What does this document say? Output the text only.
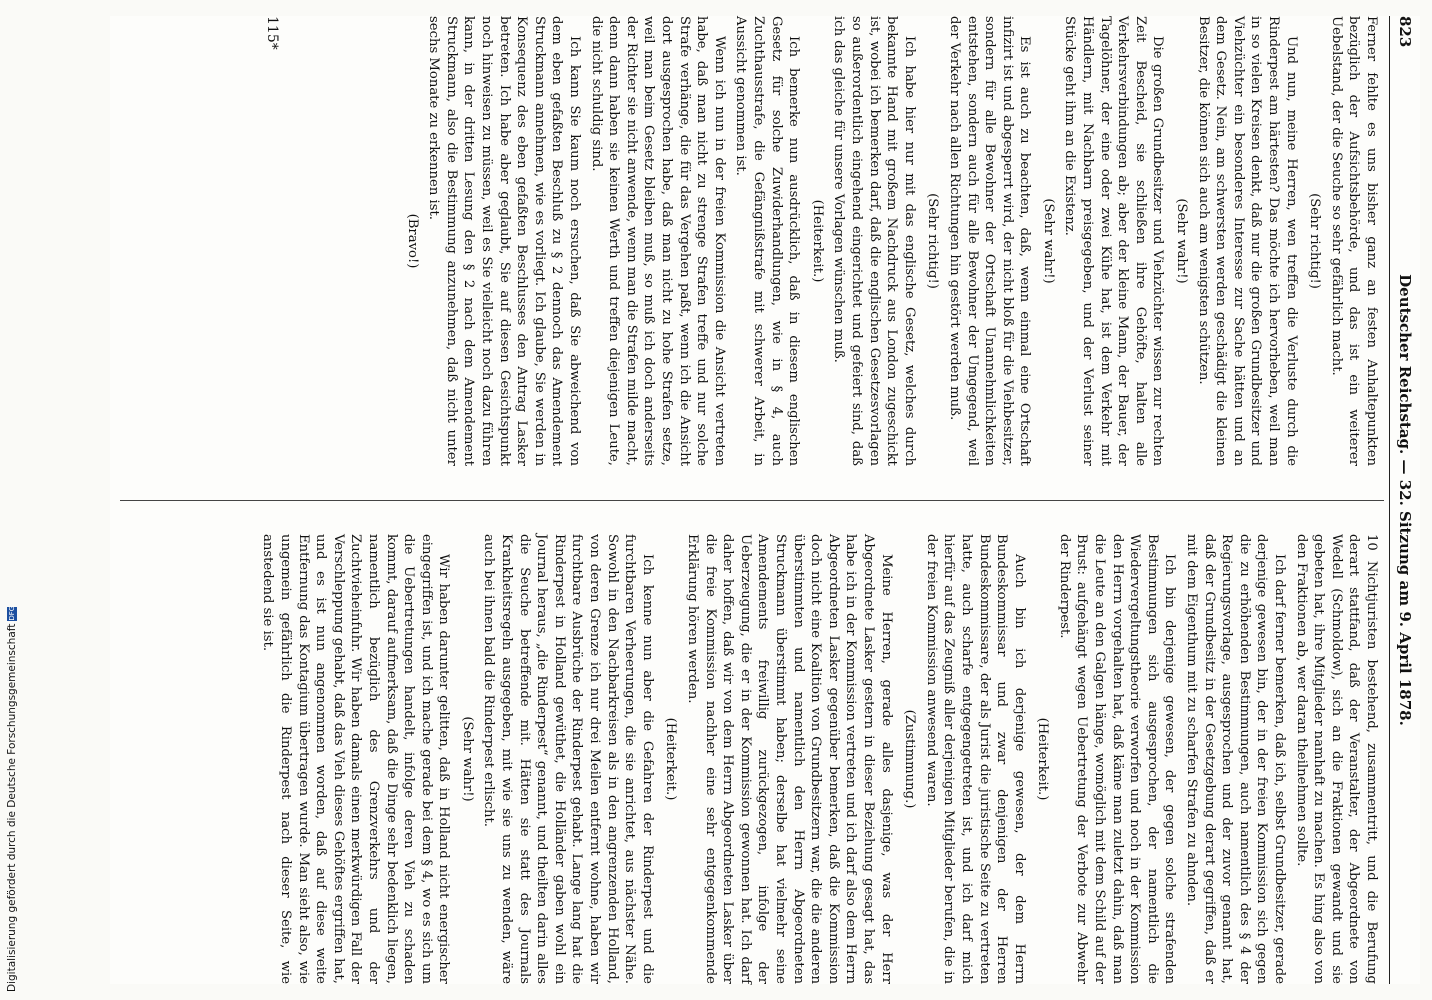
Deutscher Reichstag. — 32. Sitzung am 9. April 1878.
823

Ferner fehlte es uns bisher ganz an festen Anhaltepunkten bezüglich der Aufsichtsbehörde, und das ist ein weiterer Uebelstand, der die Seuche so sehr gefährlich macht.

(Sehr richtig!)

Und nun, meine Herren, wen treffen die Verluste durch die Rinderpest am härtesten? Das möchte ich hervorheben, weil man in so vielen Kreisen denkt, daß nur die großen Grundbesitzer und Viehzüchter ein besonderes Interesse zur Sache hätten und an dem Gesetz. Nein, am schwersten werden geschädigt die kleinen Besitzer, die können sich auch am wenigsten schützen.

(Sehr wahr!)

Die großen Grundbesitzer und Viehzüchter wissen zur rechten Zeit Bescheid, sie schließen ihre Gehöfte, halten alle Verkehrsverbindungen ab; aber der kleine Mann, der Bauer, der Tagelöhner, der eine oder zwei Kühe hat, ist dem Verkehr mit Händlern, mit Nachbarn preisgegeben, und der Verlust seiner Stücke geht ihm an die Existenz.

(Sehr wahr!)

Es ist auch zu beachten, daß, wenn einmal eine Ortschaft infizirt ist und abgesperrt wird, der nicht bloß für die Viehbesitzer, sondern für alle Bewohner der Ortschaft Unannehmlichkeiten entstehen, sondern auch für alle Bewohner der Umgegend, weil der Verkehr nach allen Richtungen hin gestört werden muß.

(Sehr richtig!)

Ich habe hier nur mit das englische Gesetz, welches durch bekannte Hand mit großem Nachdruck aus London zugeschickt ist, wobei ich bemerken darf, daß die englischen Gesetzesvorlagen so außerordentlich eingehend eingerichtet und gefeiert sind, daß ich das gleiche für unsere Vorlagen wünschen muß.

(Heiterkeit.)

Ich bemerke nun ausdrücklich, daß in diesem englischen Gesetz für solche Zuwiderhandlungen, wie in § 4, auch Zuchthausstrafe, die Gefängnißstrafe mit schwerer Arbeit, in Aussicht genommen ist.

Wenn ich nun in der freien Kommission die Ansicht vertreten habe, daß man nicht zu strenge Strafen treffe und nur solche Strafe verhänge, die für das Vergehen paßt, wenn ich die Ansicht dort ausgesprochen habe, daß man nicht zu hohe Strafen setze, weil man beim Gesetz bleiben muß, so muß ich doch anderseits der Richter sie nicht anwende, wenn man die Strafen milde macht, denn dann haben sie keinen Werth und treffen diejenigen Leute, die nicht schuldig sind.

Ich kann Sie kaum noch ersuchen, daß Sie abweichend von dem eben gefaßten Beschluß zu § 2 dennoch das Amendement Struckmann annehmen, wie es vorliegt. Ich glaube, Sie werden in Konsequenz des eben gefaßten Beschlusses den Antrag Lasker betreten. Ich habe aber geglaubt, Sie auf diesen Gesichtspunkt noch hinweisen zu müssen, weil es Sie vielleicht noch dazu führen kann, in der dritten Lesung den § 2 nach dem Amendement Struckmann, also die Bestimmung anzunehmen, daß nicht unter sechs Monate zu erkennen ist.

(Bravo!)

10 Nichtjuristen bestehend, zusammentritt, und die Berufung derart stattfand, daß der Veranstalter, der Abgeordnete von Wedell (Schmoldow), sich an die Fraktionen gewandt und sie gebeten hat, ihre Mitglieder namhaft zu machen. Es hing also von den Fraktionen ab, wer daran theilnehmen sollte.

Ich darf ferner bemerken, daß ich, selbst Grundbesitzer, gerade derjenige gewesen bin, der in der freien Kommission sich gegen die zu erhöhenden Bestimmungen, auch namentlich des § 4 der Regierungsvorlage, ausgesprochen und der zuvor genannt hat, daß der Grundbesitz in der Gesetzgebung derart gegriffen, daß er mit dem Eigenthum mit zu scharfen Strafen zu ahnden.

Ich bin derjenige gewesen, der gegen solche strafenden Bestimmungen sich ausgesprochen, der namentlich die Wiedervergeltungstheorie verworfen und noch in der Kommission den Herrn vorgehalten hat, daß käme man zuletzt dahin, daß man die Leute an den Galgen hänge, womöglich mit dem Schild auf der Brust: aufgehängt wegen Uebertretung der Verbote zur Abwehr der Rinderpest.

(Heiterkeit.)

Auch bin ich derjenige gewesen, der dem Herrn Bundeskommissar und zwar denjenigen der Herren Bundeskommissare, der als Jurist die juristische Seite zu vertreten hatte, auch scharfe entgegengetreten ist, und ich darf mich hierfür auf das Zeugniß aller derjenigen Mitglieder berufen, die in der freien Kommission anwesend waren.

(Zustimmung.)

Meine Herren, gerade alles dasjenige, was der Herr Abgeordnete Lasker gestern in dieser Beziehung gesagt hat, das habe ich in der Kommission vertreten und ich darf also dem Herrn Abgeordneten Lasker gegenüber bemerken, daß die Kommission doch nicht eine Koalition von Grundbesitzern war, die die anderen überstimmten und namentlich den Herrn Abgeordneten Struckmann überstimmt haben; derselbe hat vielmehr seine Amendements freiwillig zurückgezogen, infolge der Ueberzeugung, die er in der Kommission gewonnen hat. Ich darf daher hoffen, daß wir von dem Herrn Abgeordneten Lasker über die freie Kommission nachher eine sehr entgegenkommende Erklärung hören werden.

(Heiterkeit.)

Ich kenne nun aber die Gefahren der Rinderpest und die furchtbaren Verheerungen, die sie anrichtet, aus nächster Nähe. Sowohl in den Nachbarkreisen als in den angrenzenden Holland, von deren Grenze ich nur drei Meilen entfernt wohne, haben wir furchtbare Ausbrüche der Rinderpest gehabt. Lange lang hat die Rinderpest in Holland gewüthet, die Holländer gaben wohl ein Journal heraus, „die Rinderpest“ genannt, und theilten darin alles die Seuche betreffende mit. Hätten sie statt des Journals Krankheitsregeln ausgegeben, mit wie sie uns zu wenden, wäre auch bei ihnen bald die Rinderpest erlischt.

(Sehr wahr!)

Wir haben darunter gelitten, daß in Holland nicht energischer eingegriffen ist, und ich mache gerade bei dem § 4, wo es sich um die Uebertretungen handelt, infolge deren Vieh zu schaden kommt, darauf aufmerksam, daß die Dinge sehr bedenklich liegen, namentlich bezüglich des Grenzverkehrs und der Zuchtvieheinfuhr. Wir haben damals einen merkwürdigen Fall der Verschleppung gehabt, daß das Vieh dieses Gehöftes ergriffen hat, und es ist nun angenommen worden, daß auf diese weite Entfernung das Kontagium übertragen wurde. Man sieht also, wie ungemein gefährlich die Rinderpest nach dieser Seite, wie anstedend sie ist.

115*
Digitalisierung gefördert durch die Deutsche ForschungsgemeinschaftDFG
